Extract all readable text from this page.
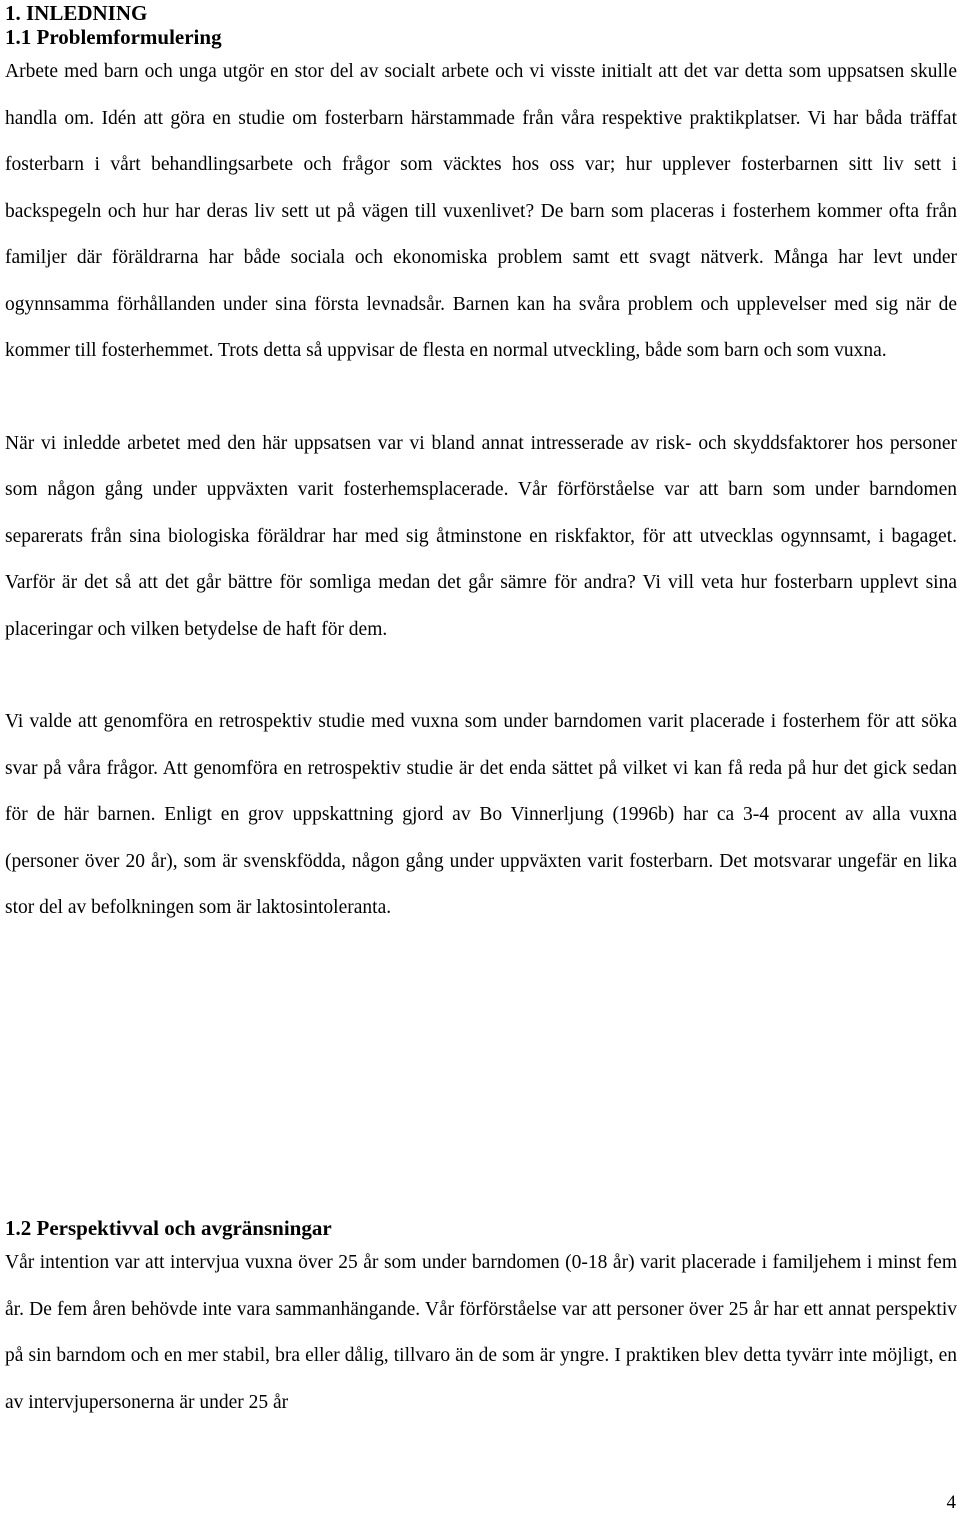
1. INLEDNING
1.1 Problemformulering

Arbete med barn och unga utgör en stor del av socialt arbete och vi visste initialt att det var detta som uppsatsen skulle handla om. Idén att göra en studie om fosterbarn härstammade från våra respektive praktikplatser. Vi har båda träffat fosterbarn i vårt behandlingsarbete och frågor som väcktes hos oss var; hur upplever fosterbarnen sitt liv sett i backspegeln och hur har deras liv sett ut på vägen till vuxenlivet? De barn som placeras i fosterhem kommer ofta från familjer där föräldrarna har både sociala och ekonomiska problem samt ett svagt nätverk. Många har levt under ogynnsamma förhållanden under sina första levnadsår. Barnen kan ha svåra problem och upplevelser med sig när de kommer till fosterhemmet. Trots detta så uppvisar de flesta en normal utveckling, både som barn och som vuxna.

När vi inledde arbetet med den här uppsatsen var vi bland annat intresserade av risk- och skyddsfaktorer hos personer som någon gång under uppväxten varit fosterhemsplacerade. Vår förförståelse var att barn som under barndomen separerats från sina biologiska föräldrar har med sig åtminstone en riskfaktor, för att utvecklas ogynnsamt, i bagaget. Varför är det så att det går bättre för somliga medan det går sämre för andra? Vi vill veta hur fosterbarn upplevt sina placeringar och vilken betydelse de haft för dem.

Vi valde att genomföra en retrospektiv studie med vuxna som under barndomen varit placerade i fosterhem för att söka svar på våra frågor. Att genomföra en retrospektiv studie är det enda sättet på vilket vi kan få reda på hur det gick sedan för de här barnen. Enligt en grov uppskattning gjord av Bo Vinnerljung (1996b) har ca 3-4 procent av alla vuxna (personer över 20 år), som är svenskfödda, någon gång under uppväxten varit fosterbarn. Det motsvarar ungefär en lika stor del av befolkningen som är laktosintoleranta.

1.2 Perspektivval och avgränsningar

Vår intention var att intervjua vuxna över 25 år som under barndomen (0-18 år) varit placerade i familjehem i minst fem år. De fem åren behövde inte vara sammanhängande. Vår förförståelse var att personer över 25 år har ett annat perspektiv på sin barndom och en mer stabil, bra eller dålig, tillvaro än de som är yngre. I praktiken blev detta tyvärr inte möjligt, en av intervjupersonerna är under 25 år

4
